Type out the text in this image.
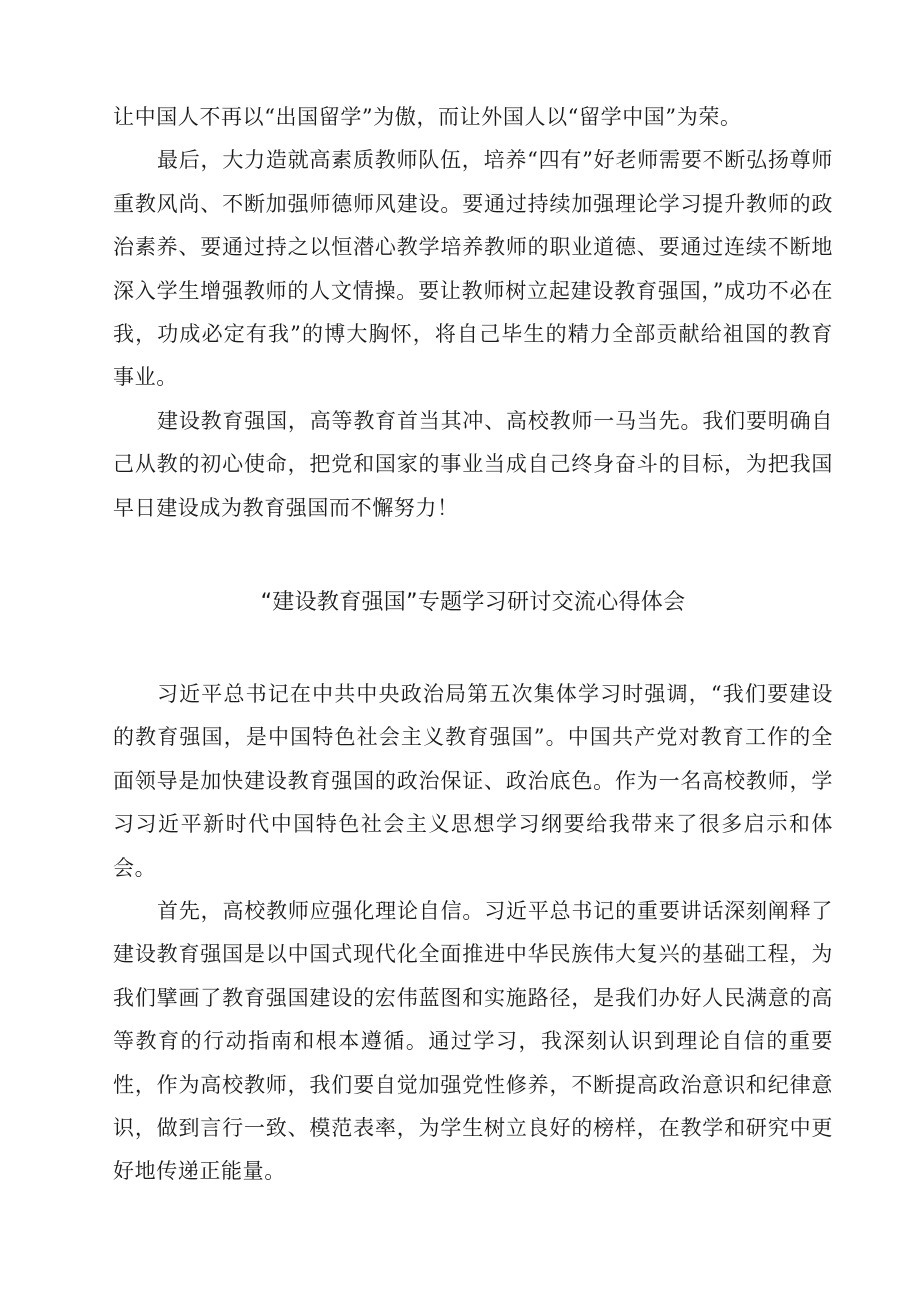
让中国人不再以“出国留学”为傲，而让外国人以“留学中国”为荣。

最后，大力造就高素质教师队伍，培养“四有”好老师需要不断弘扬尊师重教风尚、不断加强师德师风建设。要通过持续加强理论学习提升教师的政治素养、要通过持之以恒潜心教学培养教师的职业道德、要通过连续不断地深入学生增强教师的人文情操。要让教师树立起建设教育强国，”成功不必在我，功成必定有我”的博大胸怀，将自己毕生的精力全部贡献给祖国的教育事业。

建设教育强国，高等教育首当其冲、高校教师一马当先。我们要明确自己从教的初心使命，把党和国家的事业当成自己终身奋斗的目标，为把我国早日建设成为教育强国而不懈努力！

“建设教育强国”专题学习研讨交流心得体会

习近平总书记在中共中央政治局第五次集体学习时强调，“我们要建设的教育强国，是中国特色社会主义教育强国”。中国共产党对教育工作的全面领导是加快建设教育强国的政治保证、政治底色。作为一名高校教师，学习习近平新时代中国特色社会主义思想学习纲要给我带来了很多启示和体会。

首先，高校教师应强化理论自信。习近平总书记的重要讲话深刻阐释了建设教育强国是以中国式现代化全面推进中华民族伟大复兴的基础工程，为我们擘画了教育强国建设的宏伟蓝图和实施路径，是我们办好人民满意的高等教育的行动指南和根本遵循。通过学习，我深刻认识到理论自信的重要性，作为高校教师，我们要自觉加强党性修养，不断提高政治意识和纪律意识，做到言行一致、模范表率，为学生树立良好的榜样，在教学和研究中更好地传递正能量。
